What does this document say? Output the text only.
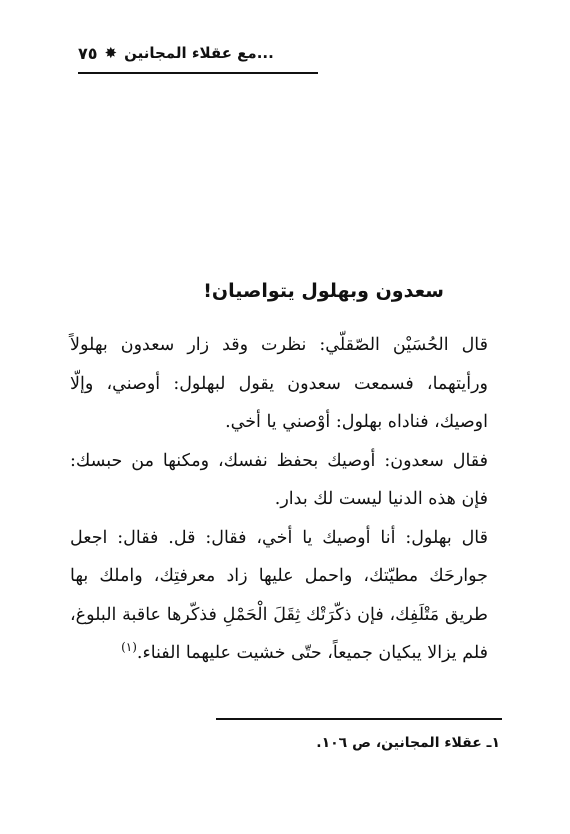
٧٥ ✸ ...مع عقلاء المجانين
سعدون وبهلول يتواصيان!

قال الحُسَيْن الصّقلّي: نظرت وقد زار سعدون بهلولاً ورأيتهما، فسمعت سعدون يقول لبهلول: أوصني، وإلّا اوصيك، فناداه بهلول: أوْصني يا أخي.

فقال سعدون: أوصيك بحفظ نفسك، ومكنها من حبسك: فإن هذه الدنيا ليست لك بدار.

قال بهلول: أنا أوصيك يا أخي، فقال: قل. فقال: اجعل جوارحَك مطيّتك، واحمل عليها زاد معرفتِك، واملك بها طريق مَتْلَفِك، فإن ذكّرَتْك ثِقَلَ الْحَمْلِ فذكّرها عاقبة البلوغ، فلم يزالا يبكيان جميعاً، حتّى خشيت عليهما الفناء.$^{(١)}$

١ـ عقلاء المجانين، ص ١٠٦.
